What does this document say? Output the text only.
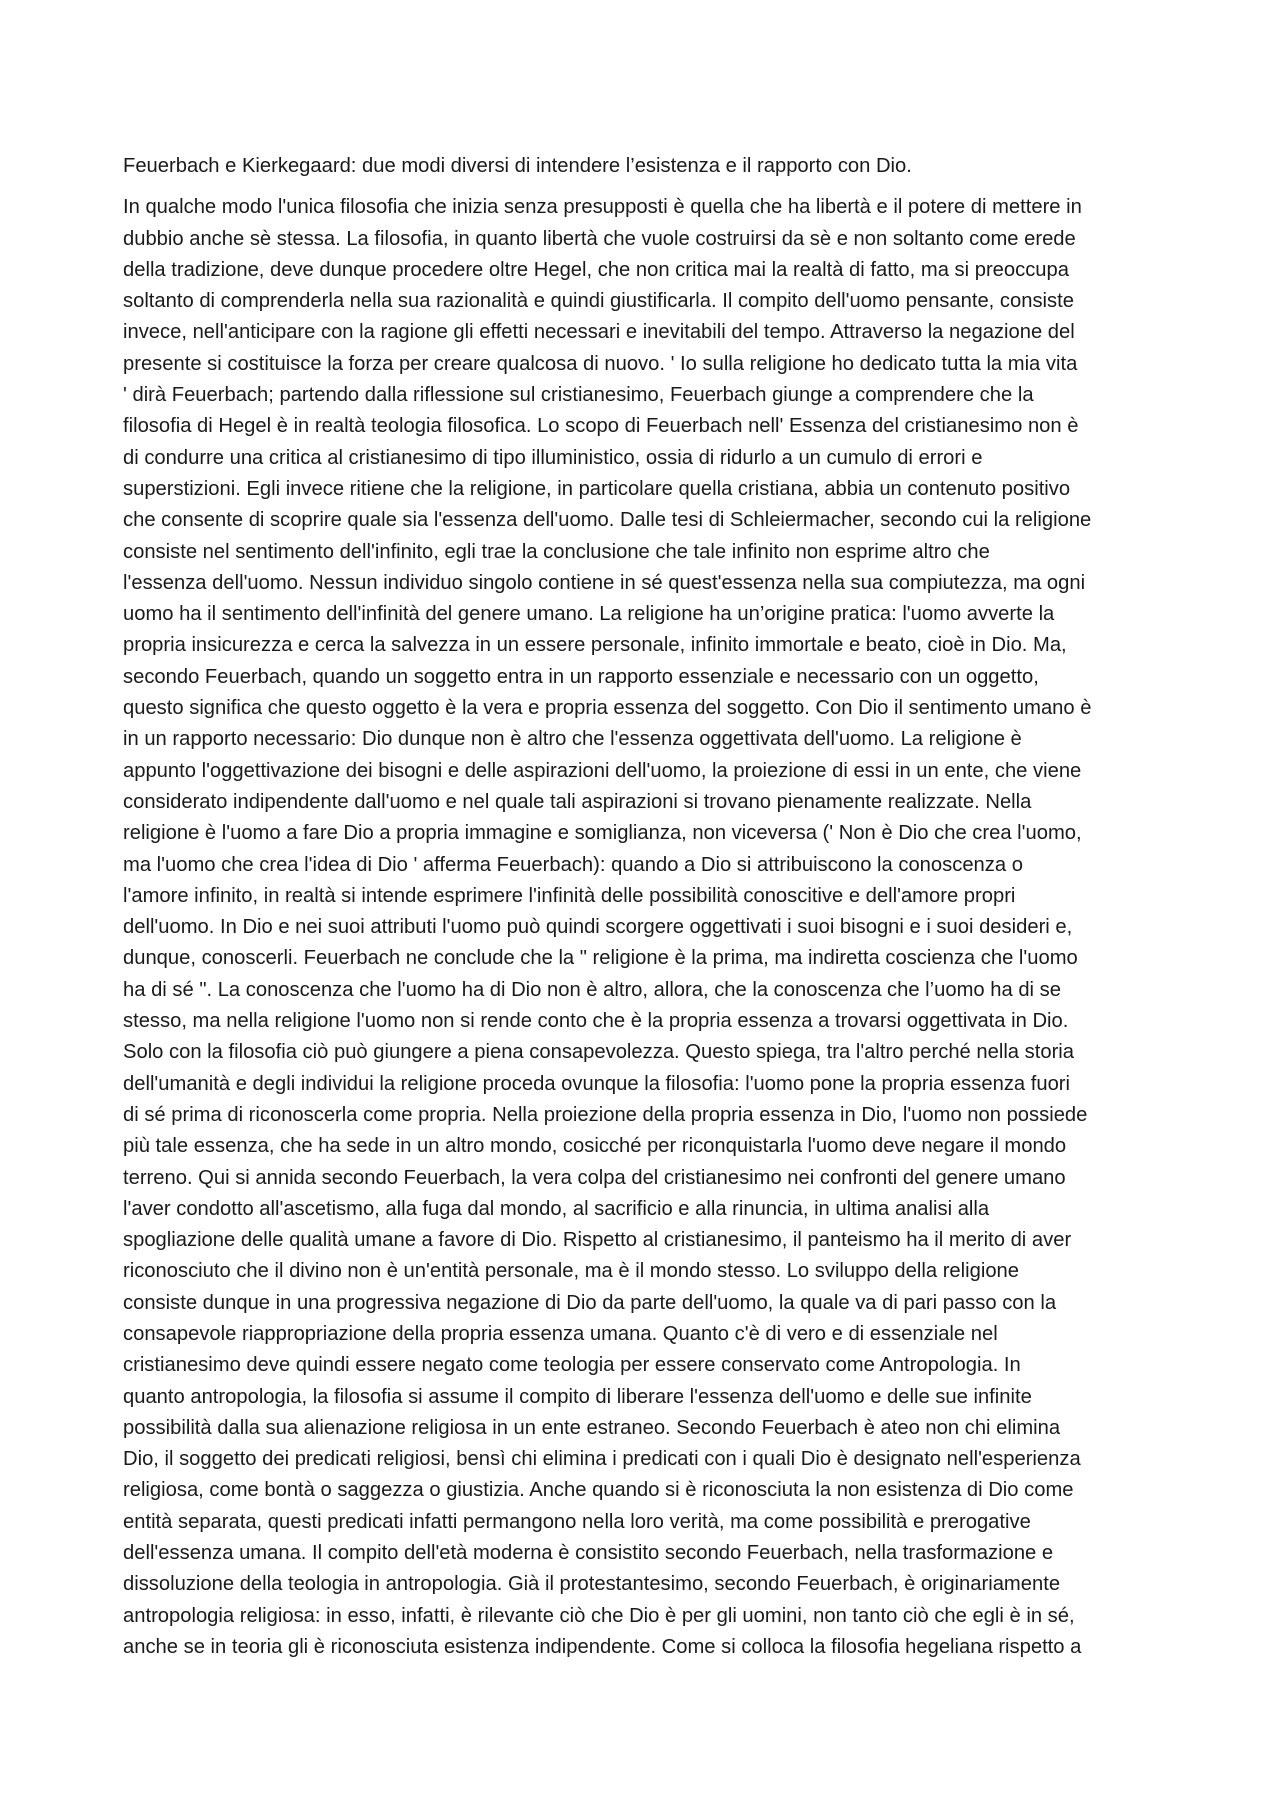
Feuerbach e Kierkegaard: due modi diversi di intendere l’esistenza e il rapporto con Dio.

In qualche modo l'unica filosofia che inizia senza presupposti è quella che ha libertà e il potere di mettere in

dubbio anche sè stessa. La filosofia, in quanto libertà che vuole costruirsi da sè e non soltanto come erede

della tradizione, deve dunque procedere oltre Hegel, che non critica mai la realtà di fatto, ma si preoccupa

soltanto di comprenderla nella sua razionalità e quindi giustificarla. Il compito dell'uomo pensante, consiste

invece, nell'anticipare con la ragione gli effetti necessari e inevitabili del tempo. Attraverso la negazione del

presente si costituisce la forza per creare qualcosa di nuovo. ' Io sulla religione ho dedicato tutta la mia vita

' dirà Feuerbach; partendo dalla riflessione sul cristianesimo, Feuerbach giunge a comprendere che la

filosofia di Hegel è in realtà teologia filosofica. Lo scopo di Feuerbach nell' Essenza del cristianesimo non è

di condurre una critica al cristianesimo di tipo illuministico, ossia di ridurlo a un cumulo di errori e

superstizioni. Egli invece ritiene che la religione, in particolare quella cristiana, abbia un contenuto positivo

che consente di scoprire quale sia l'essenza dell'uomo. Dalle tesi di Schleiermacher, secondo cui la religione

consiste nel sentimento dell'infinito, egli trae la conclusione che tale infinito non esprime altro che

l'essenza dell'uomo. Nessun individuo singolo contiene in sé quest'essenza nella sua compiutezza, ma ogni

uomo ha il sentimento dell'infinità del genere umano. La religione ha un’origine pratica: l'uomo avverte la

propria insicurezza e cerca la salvezza in un essere personale, infinito immortale e beato, cioè in Dio. Ma,

secondo Feuerbach, quando un soggetto entra in un rapporto essenziale e necessario con un oggetto,

questo significa che questo oggetto è la vera e propria essenza del soggetto. Con Dio il sentimento umano è

in un rapporto necessario: Dio dunque non è altro che l'essenza oggettivata dell'uomo. La religione è

appunto l'oggettivazione dei bisogni e delle aspirazioni dell'uomo, la proiezione di essi in un ente, che viene

considerato indipendente dall'uomo e nel quale tali aspirazioni si trovano pienamente realizzate. Nella

religione è l'uomo a fare Dio a propria immagine e somiglianza, non viceversa (' Non è Dio che crea l'uomo,

ma l'uomo che crea l'idea di Dio ' afferma Feuerbach): quando a Dio si attribuiscono la conoscenza o

l'amore infinito, in realtà si intende esprimere l'infinità delle possibilità conoscitive e dell'amore propri

dell'uomo. In Dio e nei suoi attributi l'uomo può quindi scorgere oggettivati i suoi bisogni e i suoi desideri e,

dunque, conoscerli. Feuerbach ne conclude che la " religione è la prima, ma indiretta coscienza che l'uomo

ha di sé ". La conoscenza che l'uomo ha di Dio non è altro, allora, che la conoscenza che l’uomo ha di se

stesso, ma nella religione l'uomo non si rende conto che è la propria essenza a trovarsi oggettivata in Dio.

Solo con la filosofia ciò può giungere a piena consapevolezza. Questo spiega, tra l'altro perché nella storia

dell'umanità e degli individui la religione proceda ovunque la filosofia: l'uomo pone la propria essenza fuori

di sé prima di riconoscerla come propria. Nella proiezione della propria essenza in Dio, l'uomo non possiede

più tale essenza, che ha sede in un altro mondo, cosicché per riconquistarla l'uomo deve negare il mondo

terreno. Qui si annida secondo Feuerbach, la vera colpa del cristianesimo nei confronti del genere umano

l'aver condotto all'ascetismo, alla fuga dal mondo, al sacrificio e alla rinuncia, in ultima analisi alla

spogliazione delle qualità umane a favore di Dio. Rispetto al cristianesimo, il panteismo ha il merito di aver

riconosciuto che il divino non è un'entità personale, ma è il mondo stesso. Lo sviluppo della religione

consiste dunque in una progressiva negazione di Dio da parte dell'uomo, la quale va di pari passo con la

consapevole riappropriazione della propria essenza umana. Quanto c'è di vero e di essenziale nel

cristianesimo deve quindi essere negato come teologia per essere conservato come Antropologia. In

quanto antropologia, la filosofia si assume il compito di liberare l'essenza dell'uomo e delle sue infinite

possibilità dalla sua alienazione religiosa in un ente estraneo. Secondo Feuerbach è ateo non chi elimina

Dio, il soggetto dei predicati religiosi, bensì chi elimina i predicati con i quali Dio è designato nell'esperienza

religiosa, come bontà o saggezza o giustizia. Anche quando si è riconosciuta la non esistenza di Dio come

entità separata, questi predicati infatti permangono nella loro verità, ma come possibilità e prerogative

dell'essenza umana. Il compito dell'età moderna è consistito secondo Feuerbach, nella trasformazione e

dissoluzione della teologia in antropologia. Già il protestantesimo, secondo Feuerbach, è originariamente

antropologia religiosa: in esso, infatti, è rilevante ciò che Dio è per gli uomini, non tanto ciò che egli è in sé,

anche se in teoria gli è riconosciuta esistenza indipendente. Come si colloca la filosofia hegeliana rispetto a
